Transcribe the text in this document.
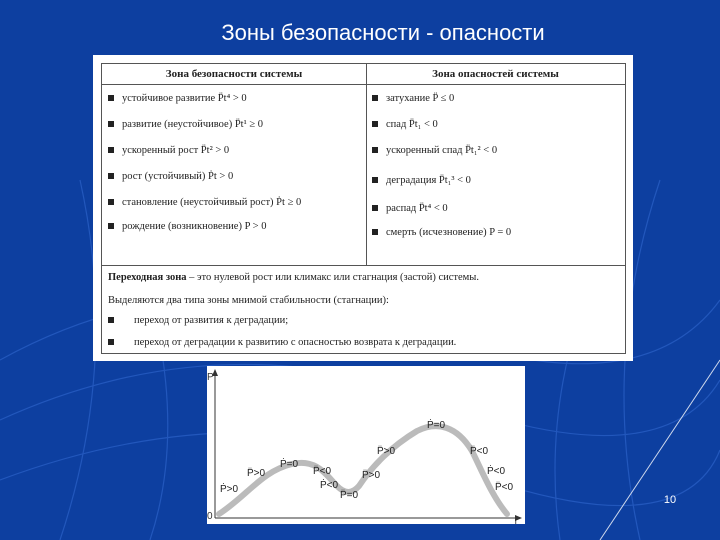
Зоны безопасности - опасности
Зона безопасности системы	Зона опасностей системы
устойчивое развитие P̈t⁴ > 0
развитие (неустойчивое) P̈t¹ ≥ 0
ускоренный рост P̈t² > 0
рост (устойчивый) Ṗt > 0
становление (неустойчивый рост) Ṗt ≥ 0
рождение (возникновение) P > 0
затухание P̈ ≤ 0
спад P̈t₁ < 0
ускоренный спад P̈t₁² < 0
деградация P̈t₁³ < 0
распад P̈t⁴ < 0
смерть (исчезновение) P = 0
Переходная зона – это нулевой рост или климакс или стагнация (застой) системы.
Выделяются два типа зоны мнимой стабильности (стагнации):
переход от развития к деградации;
переход от деградации к развитию с опасностью возврата к деградации.
P
T
0
Ṗ>0
P̈>0
Ṗ=0
P̈<0
Ṗ<0
P̈=0
P̈>0
P̈>0
Ṗ=0
P̈<0
Ṗ<0
P̈<0
10
